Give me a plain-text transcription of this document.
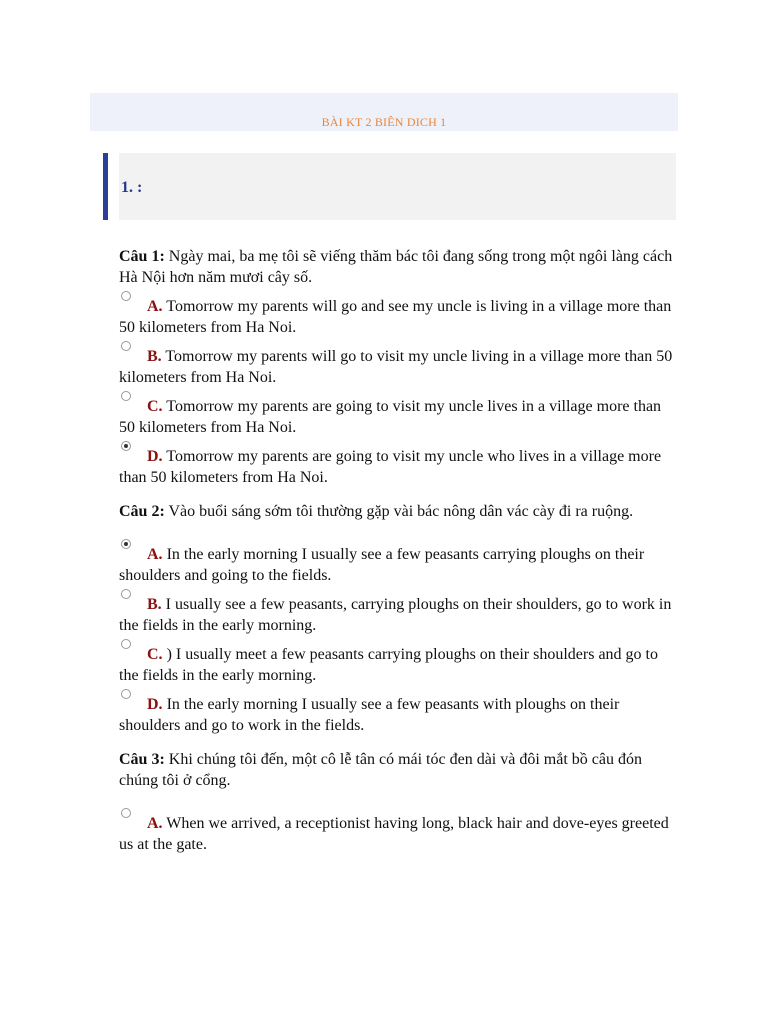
BÀI KT 2 BIÊN DICH 1
1. :

Câu 1: Ngày mai, ba mẹ tôi sẽ viếng thăm bác tôi đang sống trong một ngôi làng cách Hà Nội hơn năm mươi cây số.

A. Tomorrow my parents will go and see my uncle is living in a village more than 50 kilometers from Ha Noi.
B. Tomorrow my parents will go to visit my uncle living in a village more than 50 kilometers from Ha Noi.
C. Tomorrow my parents are going to visit my uncle lives in a village more than 50 kilometers from Ha Noi.
D. Tomorrow my parents are going to visit my uncle who lives in a village more than 50 kilometers from Ha Noi.

Câu 2: Vào buổi sáng sớm tôi thường gặp vài bác nông dân vác cày đi ra ruộng.

A. In the early morning I usually see a few peasants carrying ploughs on their shoulders and going to the fields.
B. I usually see a few peasants, carrying ploughs on their shoulders, go to work in the fields in the early morning.
C. ) I usually meet a few peasants carrying ploughs on their shoulders and go to the fields in the early morning.
D. In the early morning I usually see a few peasants with ploughs on their shoulders and go to work in the fields.

Câu 3: Khi chúng tôi đến, một cô lễ tân có mái tóc đen dài và đôi mắt bồ câu đón chúng tôi ở cổng.

A. When we arrived, a receptionist having long, black hair and dove-eyes greeted us at the gate.
